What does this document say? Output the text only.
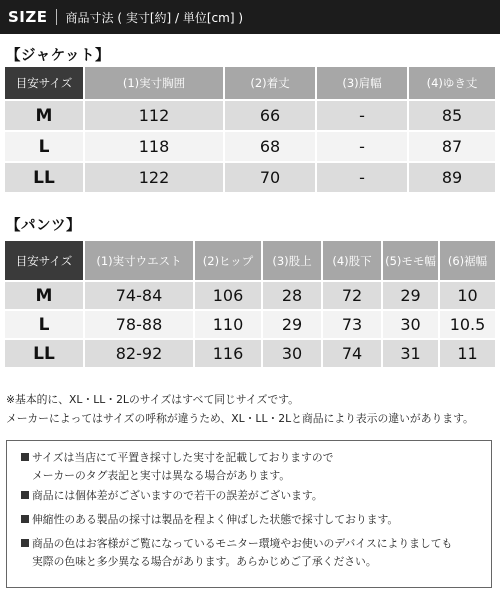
SIZE 商品寸法 ( 実寸[約] / 単位[cm] )
【ジャケット】
目安サイズ	(1)実寸胸囲	(2)着丈	(3)肩幅	(4)ゆき丈
M	112	66	-	85
L	118	68	-	87
LL	122	70	-	89
【パンツ】
目安サイズ	(1)実寸ウエスト	(2)ヒップ	(3)股上	(4)股下	(5)モモ幅	(6)裾幅
M	74-84	106	28	72	29	10
L	78-88	110	29	73	30	10.5
LL	82-92	116	30	74	31	11
※基本的に、XL・LL・2Lのサイズはすべて同じサイズです。
メーカーによってはサイズの呼称が違うため、XL・LL・2Lと商品により表示の違いがあります。
サイズは当店にて平置き採寸した実寸を記載しておりますので
メーカーのタグ表記と実寸は異なる場合があります。
商品には個体差がございますので若干の誤差がございます。
伸縮性のある製品の採寸は製品を程よく伸ばした状態で採寸しております。
商品の色はお客様がご覧になっているモニター環境やお使いのデバイスによりましても
実際の色味と多少異なる場合があります。あらかじめご了承ください。
